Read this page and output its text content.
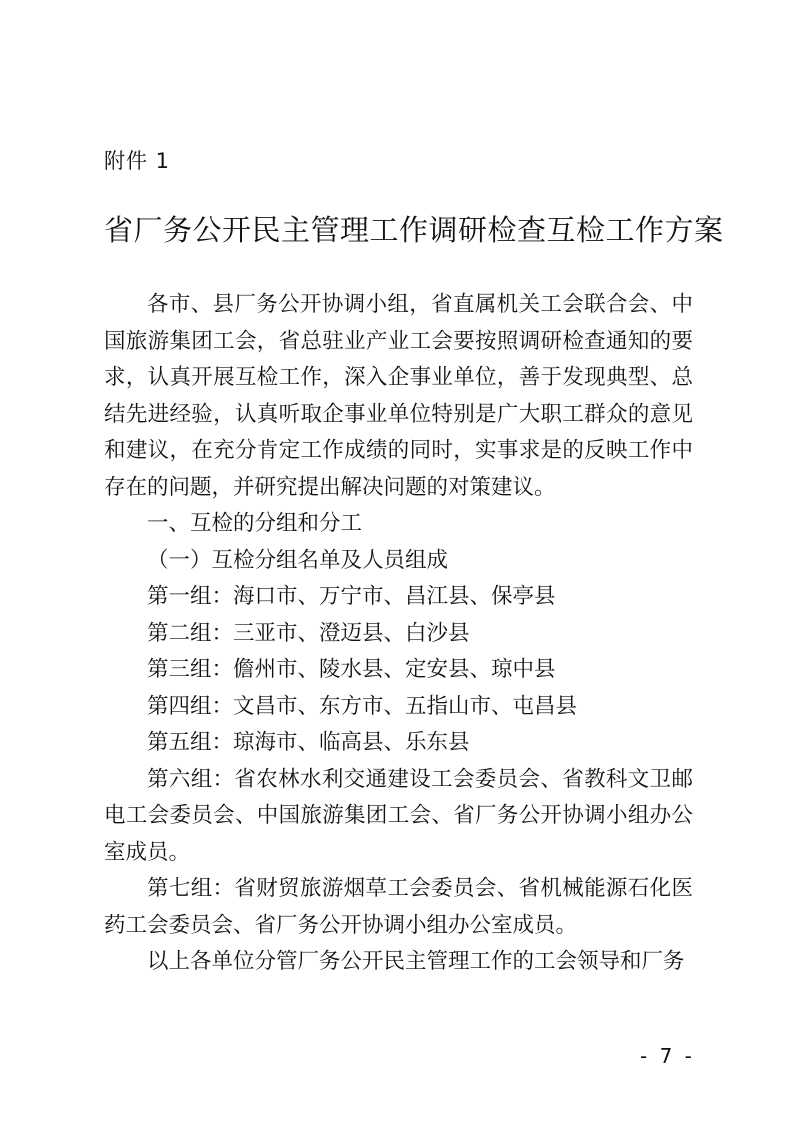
附件 1
省厂务公开民主管理工作调研检查互检工作方案

各市、县厂务公开协调小组，省直属机关工会联合会、中国旅游集团工会，省总驻业产业工会要按照调研检查通知的要求，认真开展互检工作，深入企事业单位，善于发现典型、总结先进经验，认真听取企事业单位特别是广大职工群众的意见和建议，在充分肯定工作成绩的同时，实事求是的反映工作中存在的问题，并研究提出解决问题的对策建议。

一、互检的分组和分工

（一）互检分组名单及人员组成

第一组：海口市、万宁市、昌江县、保亭县

第二组：三亚市、澄迈县、白沙县

第三组：儋州市、陵水县、定安县、琼中县

第四组：文昌市、东方市、五指山市、屯昌县

第五组：琼海市、临高县、乐东县

第六组：省农林水利交通建设工会委员会、省教科文卫邮电工会委员会、中国旅游集团工会、省厂务公开协调小组办公室成员。

第七组：省财贸旅游烟草工会委员会、省机械能源石化医药工会委员会、省厂务公开协调小组办公室成员。

以上各单位分管厂务公开民主管理工作的工会领导和厂务

- 7 -
